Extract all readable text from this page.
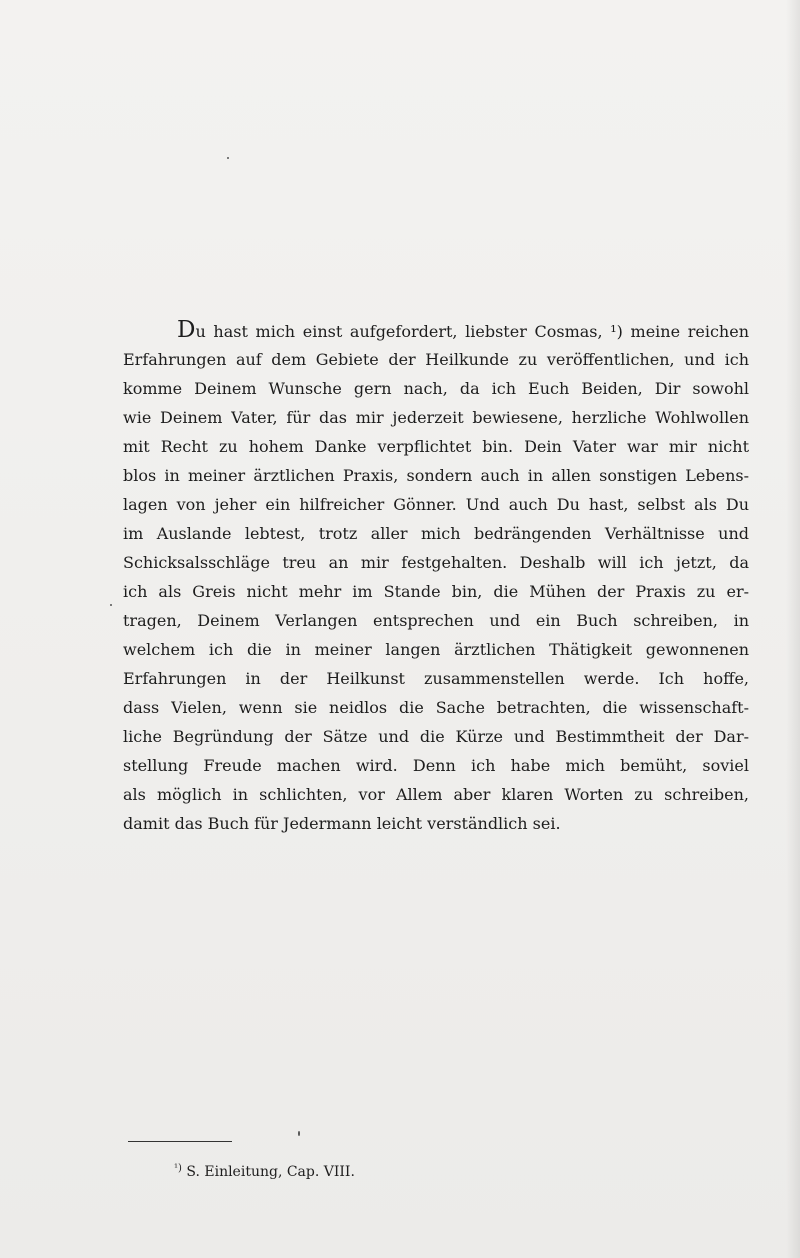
Du hast mich einst aufgefordert, liebster Cosmas, ¹) meine reichen
Erfahrungen auf dem Gebiete der Heilkunde zu veröffentlichen, und ich
komme Deinem Wunsche gern nach, da ich Euch Beiden, Dir sowohl
wie Deinem Vater, für das mir jederzeit bewiesene, herzliche Wohlwollen
mit Recht zu hohem Danke verpflichtet bin. Dein Vater war mir nicht
blos in meiner ärztlichen Praxis, sondern auch in allen sonstigen Lebens-
lagen von jeher ein hilfreicher Gönner. Und auch Du hast, selbst als Du
im Auslande lebtest, trotz aller mich bedrängenden Verhältnisse und
Schicksalsschläge treu an mir festgehalten. Deshalb will ich jetzt, da
ich als Greis nicht mehr im Stande bin, die Mühen der Praxis zu er-
tragen, Deinem Verlangen entsprechen und ein Buch schreiben, in
welchem ich die in meiner langen ärztlichen Thätigkeit gewonnenen
Erfahrungen in der Heilkunst zusammenstellen werde. Ich hoffe,
dass Vielen, wenn sie neidlos die Sache betrachten, die wissenschaft-
liche Begründung der Sätze und die Kürze und Bestimmtheit der Dar-
stellung Freude machen wird. Denn ich habe mich bemüht, soviel
als möglich in schlichten, vor Allem aber klaren Worten zu schreiben,
damit das Buch für Jedermann leicht verständlich sei.
$^{^1)}$ S. Einleitung, Cap. VIII.
